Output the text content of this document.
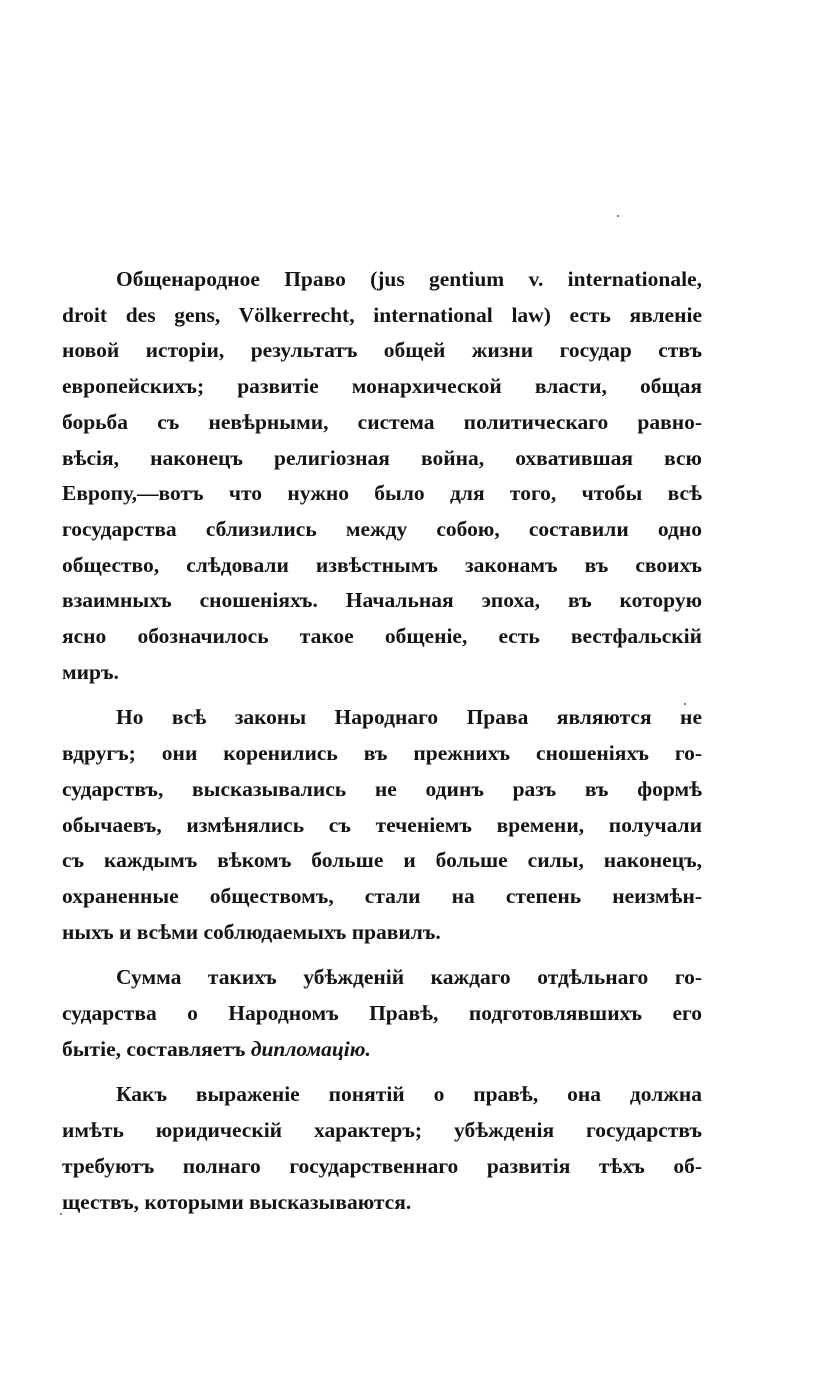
Общенародное Право (jus gentium v. internationale,
droit des gens, Völkerrecht, international law) есть явленіе
новой исторіи, результатъ общей жизни государ ствъ
европейскихъ; развитіе монархической власти, общая
борьба съ невѣрными, система политическаго равно-
вѣсія, наконецъ религіозная война, охватившая всю
Европу,—вотъ что нужно было для того, чтобы всѣ
государства сблизились между собою, составили одно
общество, слѣдовали извѣстнымъ законамъ въ своихъ
взаимныхъ сношеніяхъ. Начальная эпоха, въ которую
ясно обозначилось такое общеніе, есть вестфальскій
миръ.
Но всѣ законы Народнаго Права являются не
вдругъ; они коренились въ прежнихъ сношеніяхъ го-
сударствъ, высказывались не одинъ разъ въ формѣ
обычаевъ, измѣнялись съ теченіемъ времени, получали
съ каждымъ вѣкомъ больше и больше силы, наконецъ,
охраненные обществомъ, стали на степень неизмѣн-
ныхъ и всѣми соблюдаемыхъ правилъ.
Сумма такихъ убѣжденій каждаго отдѣльнаго го-
сударства о Народномъ Правѣ, подготовлявшихъ его
бытіе, составляетъ дипломацію.
Какъ выраженіе понятій о правѣ, она должна
имѣть юридическій характеръ; убѣжденія государствъ
требуютъ полнаго государственнаго развитія тѣхъ об-
ществъ, которыми высказываются.
